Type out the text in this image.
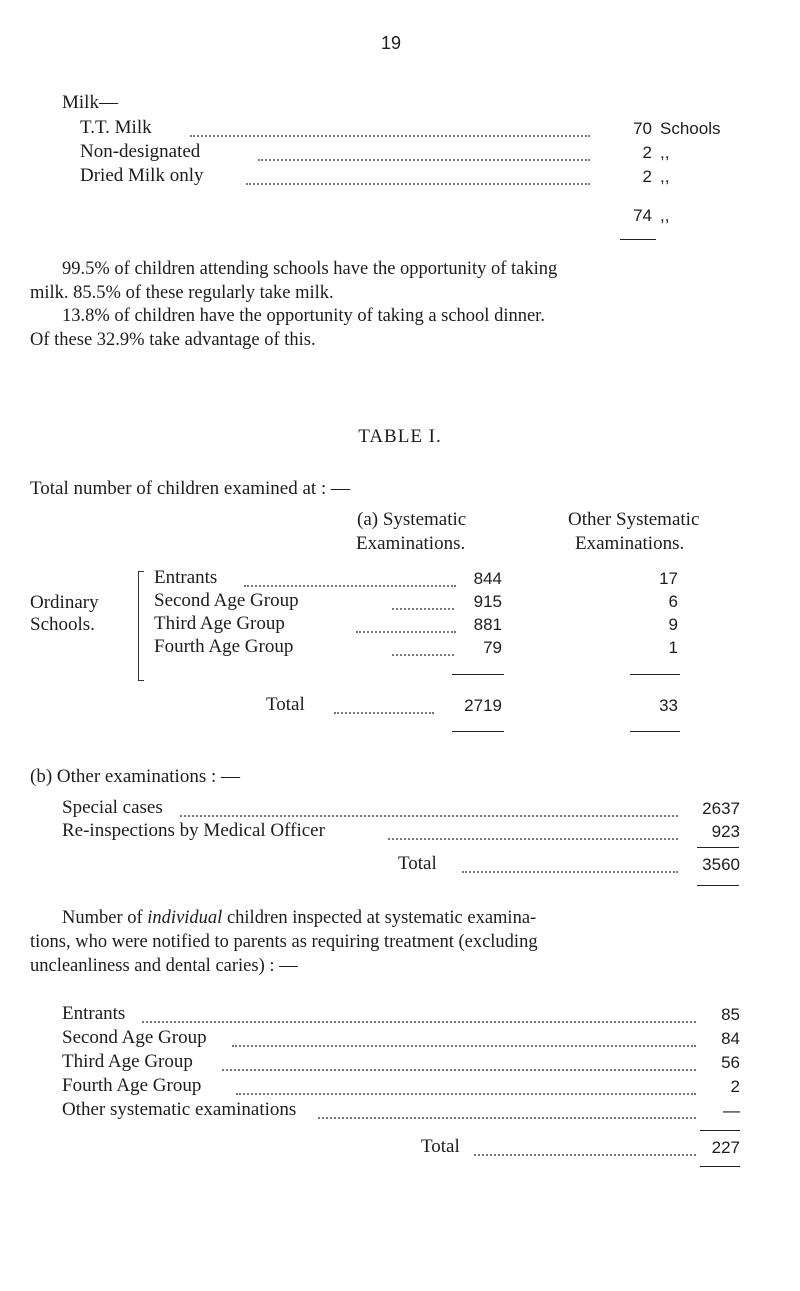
19
Milk—
T.T. Milk	70 Schools
Non-designated	2 ,,
Dried Milk only	2 ,,
74 ,,
99.5% of children attending schools have the opportunity of taking
milk. 85.5% of these regularly take milk.
13.8% of children have the opportunity of taking a school dinner.
Of these 32.9% take advantage of this.
TABLE I.
Total number of children examined at : —
(a) Systematic
Examinations.
Other Systematic
Examinations.
Ordinary
Schools.
Entrants	844	17
Second Age Group	915	6
Third Age Group	881	9
Fourth Age Group	79	1
Total	2719	33
(b) Other examinations : —
Special cases	2637
Re-inspections by Medical Officer	923
Total	3560
Number of individual children inspected at systematic examina-
tions, who were notified to parents as requiring treatment (excluding
uncleanliness and dental caries) : —
Entrants	85
Second Age Group	84
Third Age Group	56
Fourth Age Group	2
Other systematic examinations	—
Total	227
